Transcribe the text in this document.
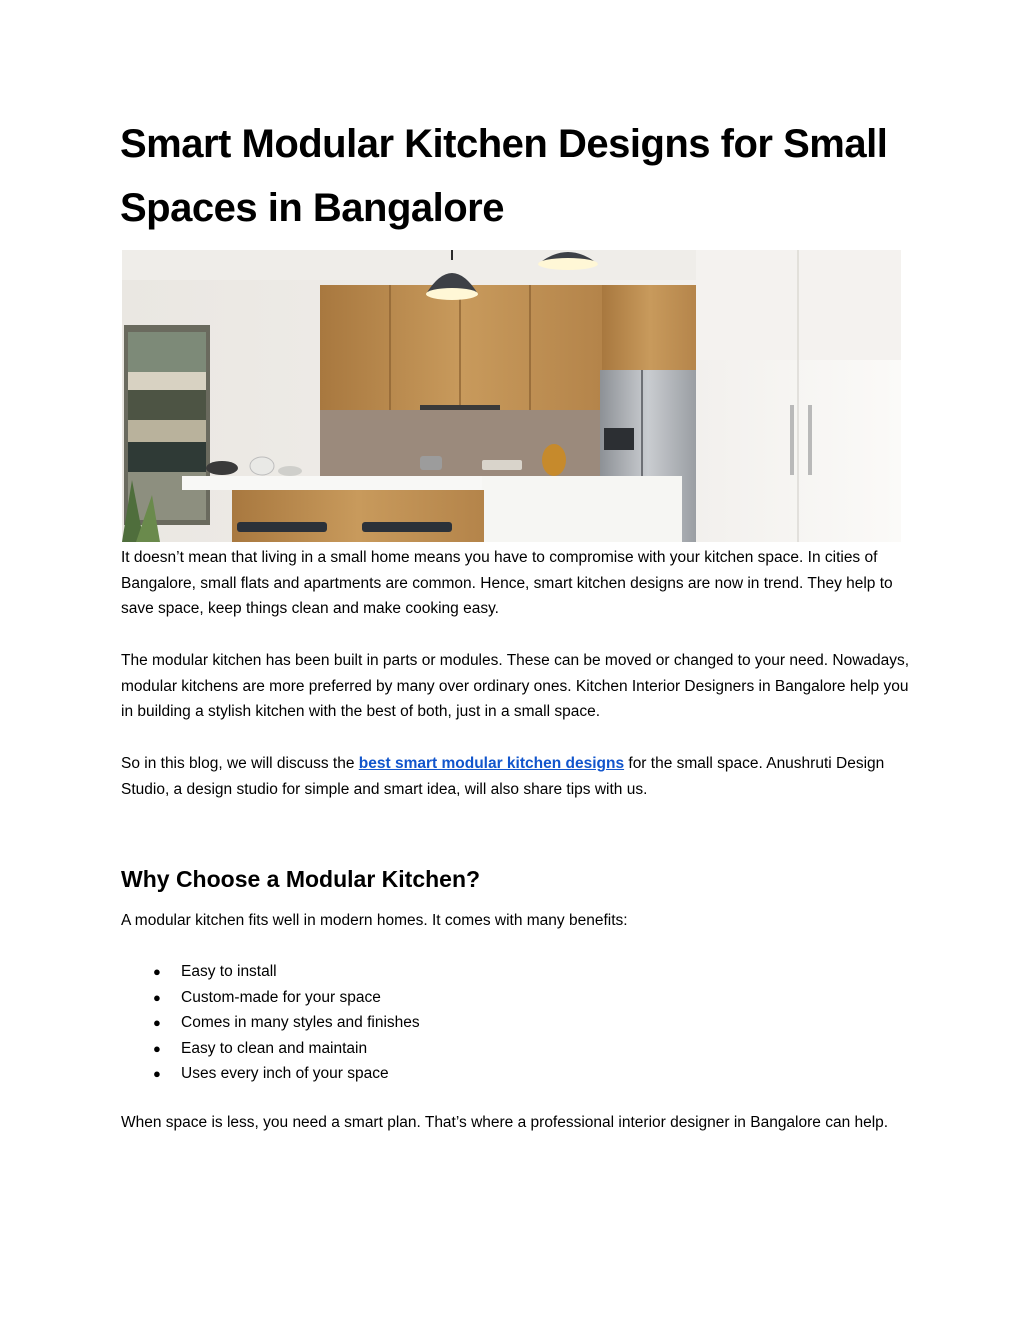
Smart Modular Kitchen Designs for Small Spaces in Bangalore

It doesn’t mean that living in a small home means you have to compromise with your kitchen space. In cities of Bangalore, small flats and apartments are common. Hence, smart kitchen designs are now in trend. They help to save space, keep things clean and make cooking easy.

The modular kitchen has been built in parts or modules. These can be moved or changed to your need. Nowadays, modular kitchens are more preferred by many over ordinary ones. Kitchen Interior Designers in Bangalore help you in building a stylish kitchen with the best of both, just in a small space.

So in this blog, we will discuss the best smart modular kitchen designs for the small space. Anushruti Design Studio, a design studio for simple and smart idea, will also share tips with us.

Why Choose a Modular Kitchen?

A modular kitchen fits well in modern homes. It comes with many benefits:

● Easy to install
● Custom-made for your space
● Comes in many styles and finishes
● Easy to clean and maintain
● Uses every inch of your space

When space is less, you need a smart plan. That’s where a professional interior designer in Bangalore can help.
